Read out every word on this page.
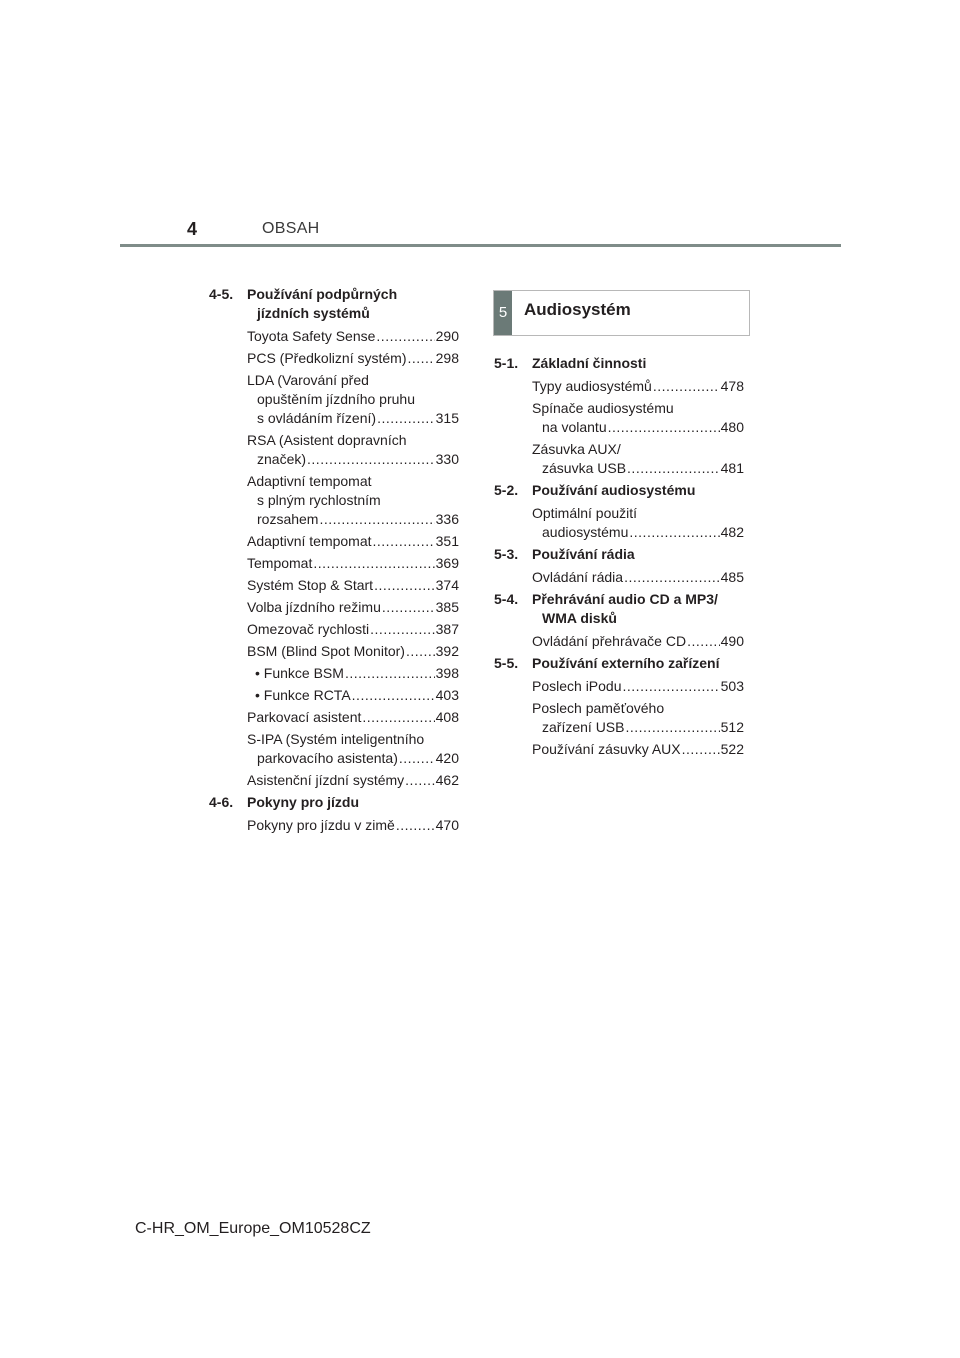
4	OBSAH
4-5. Používání podpůrných
jízdních systémů
Toyota Safety Sense .....	290
PCS (Předkolizní systém) ..... 298
LDA (Varování před
opuštěním jízdního pruhu
s ovládáním řízení) .....	315
RSA (Asistent dopravních
značek) .....	330
Adaptivní tempomat
s plným rychlostním
rozsahem .....	336
Adaptivní tempomat .....	351
Tempomat .....	369
Systém Stop & Start .....	374
Volba jízdního režimu .....	385
Omezovač rychlosti .....	387
BSM (Blind Spot Monitor) ..... 392
• Funkce BSM .....	398
• Funkce RCTA .....	403
Parkovací asistent .....	408
S-IPA (Systém inteligentního
parkovacího asistenta) .....	420
Asistenční jízdní systémy ..... 462
4-6. Pokyny pro jízdu
Pokyny pro jízdu v zimě .....	470
5 Audiosystém
5-1. Základní činnosti
Typy audiosystémů .....	478
Spínače audiosystému
na volantu .....	480
Zásuvka AUX/
zásuvka USB .....	481
5-2. Používání audiosystému
Optimální použití
audiosystému .....	482
5-3. Používání rádia
Ovládání rádia .....	485
5-4. Přehrávání audio CD a MP3/
WMA disků
Ovládání přehrávače CD ..... 490
5-5. Používání externího zařízení
Poslech iPodu .....	503
Poslech paměťového
zařízení USB .....	512
Používání zásuvky AUX .....	522
C-HR_OM_Europe_OM10528CZ
